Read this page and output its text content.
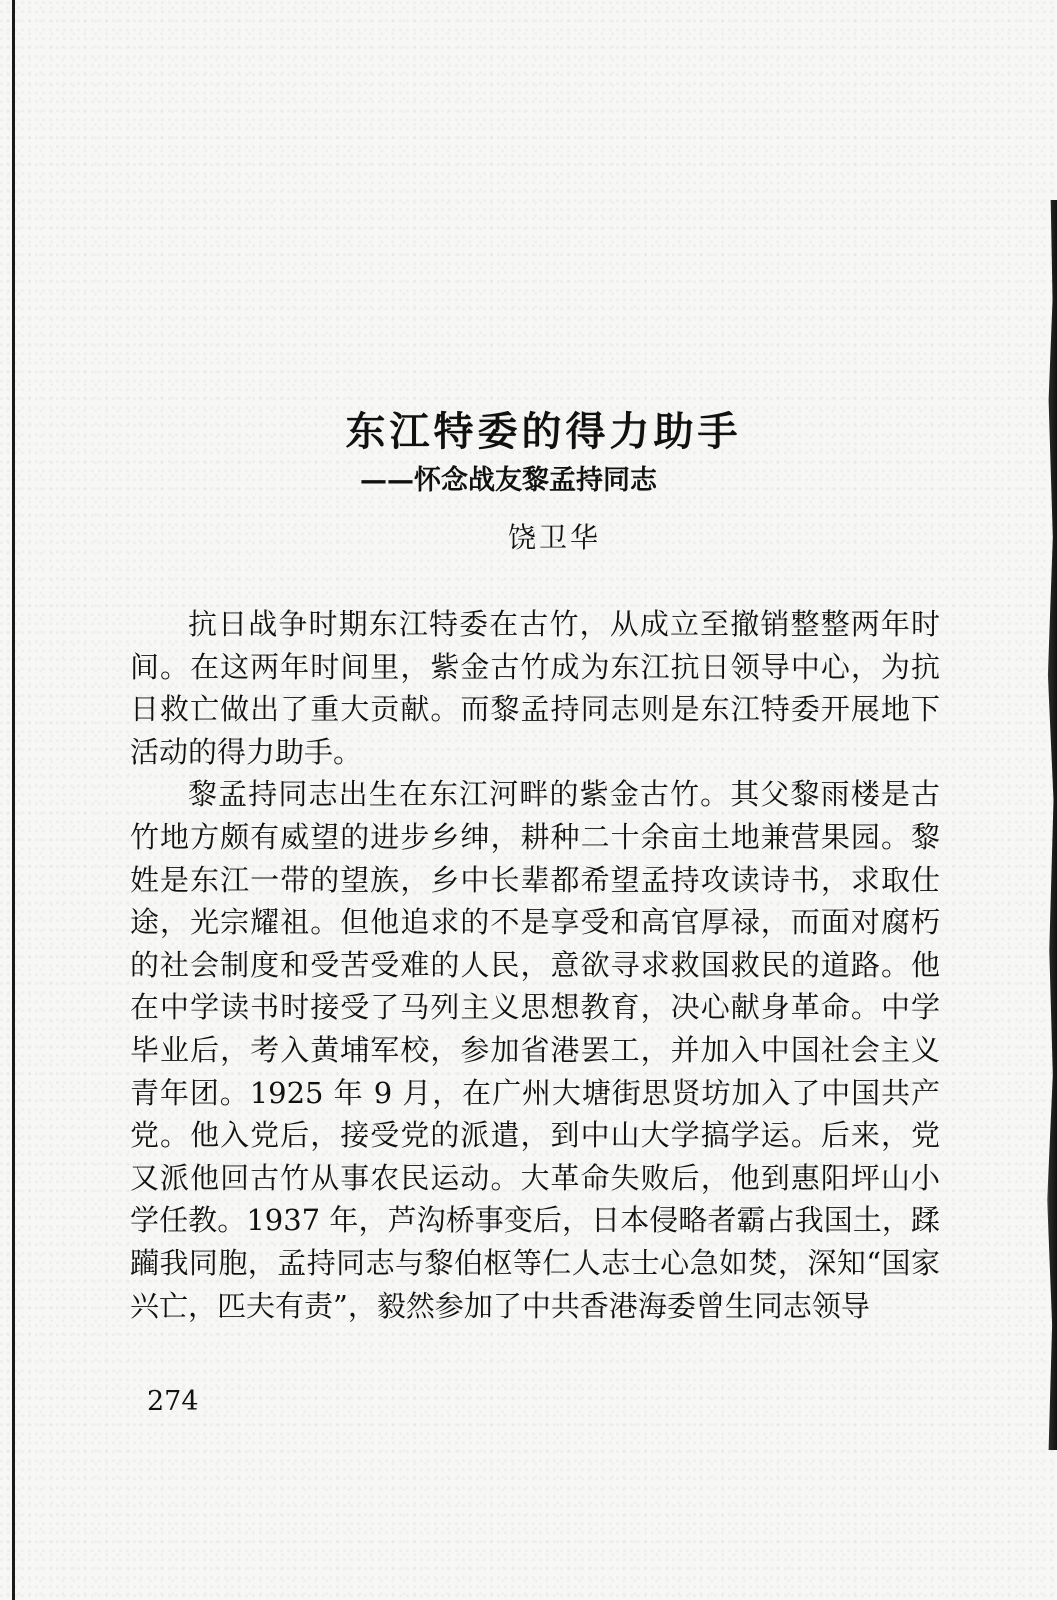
东江特委的得力助手
——怀念战友黎孟持同志
饶卫华

抗日战争时期东江特委在古竹，从成立至撤销整整两年时间。在这两年时间里，紫金古竹成为东江抗日领导中心，为抗日救亡做出了重大贡献。而黎孟持同志则是东江特委开展地下活动的得力助手。

黎孟持同志出生在东江河畔的紫金古竹。其父黎雨楼是古竹地方颇有威望的进步乡绅，耕种二十余亩土地兼营果园。黎姓是东江一带的望族，乡中长辈都希望孟持攻读诗书，求取仕途，光宗耀祖。但他追求的不是享受和高官厚禄，而面对腐朽的社会制度和受苦受难的人民，意欲寻求救国救民的道路。他在中学读书时接受了马列主义思想教育，决心献身革命。中学毕业后，考入黄埔军校，参加省港罢工，并加入中国社会主义青年团。1925 年 9 月，在广州大塘街思贤坊加入了中国共产党。他入党后，接受党的派遣，到中山大学搞学运。后来，党又派他回古竹从事农民运动。大革命失败后，他到惠阳坪山小学任教。1937 年，芦沟桥事变后，日本侵略者霸占我国土，蹂躏我同胞，孟持同志与黎伯枢等仁人志士心急如焚，深知“国家兴亡，匹夫有责”，毅然参加了中共香港海委曾生同志领导

274
